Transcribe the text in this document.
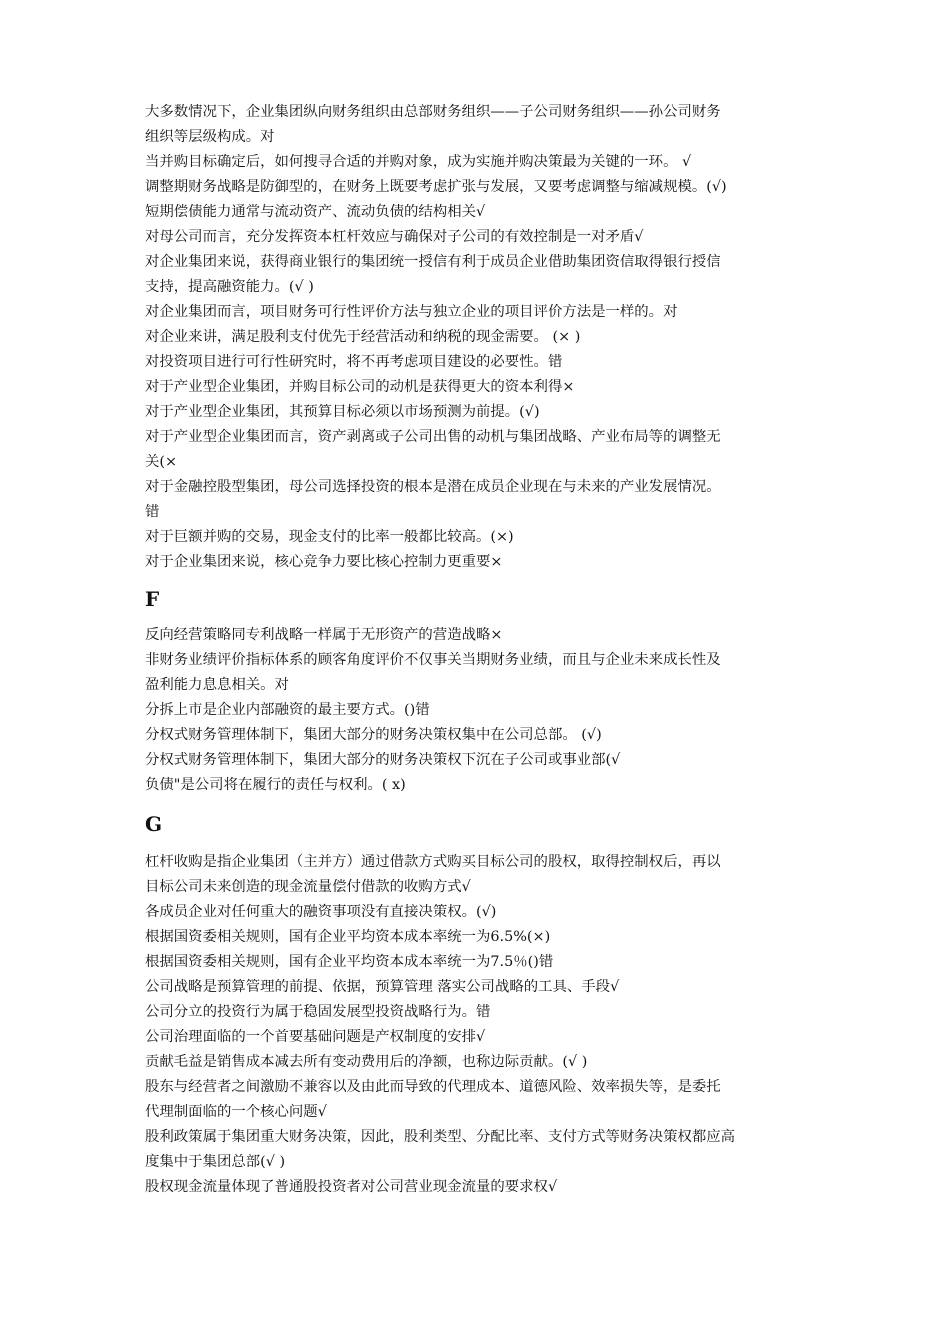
大多数情况下，企业集团纵向财务组织由总部财务组织——子公司财务组织——孙公司财务
组织等层级构成。对
当并购目标确定后，如何搜寻合适的并购对象，成为实施并购决策最为关键的一环。 √
调整期财务战略是防御型的，在财务上既要考虑扩张与发展，又要考虑调整与缩减规模。(√)
短期偿债能力通常与流动资产、流动负债的结构相关√
对母公司而言，充分发挥资本杠杆效应与确保对子公司的有效控制是一对矛盾√
对企业集团来说，获得商业银行的集团统一授信有利于成员企业借助集团资信取得银行授信
支持，提高融资能力。(√ )
对企业集团而言，项目财务可行性评价方法与独立企业的项目评价方法是一样的。对
对企业来讲，满足股利支付优先于经营活动和纳税的现金需要。 (× )
对投资项目进行可行性研究时，将不再考虑项目建设的必要性。错
对于产业型企业集团，并购目标公司的动机是获得更大的资本利得×
对于产业型企业集团，其预算目标必须以市场预测为前提。(√)
对于产业型企业集团而言，资产剥离或子公司出售的动机与集团战略、产业布局等的调整无
关(×
对于金融控股型集团，母公司选择投资的根本是潜在成员企业现在与未来的产业发展情况。
错
对于巨额并购的交易，现金支付的比率一般都比较高。(×)
对于企业集团来说，核心竞争力要比核心控制力更重要×
F
反向经营策略同专利战略一样属于无形资产的营造战略×
非财务业绩评价指标体系的顾客角度评价不仅事关当期财务业绩，而且与企业未来成长性及
盈利能力息息相关。对
分拆上市是企业内部融资的最主要方式。()错
分权式财务管理体制下，集团大部分的财务决策权集中在公司总部。 (√)
分权式财务管理体制下，集团大部分的财务决策权下沉在子公司或事业部(√
负债"是公司将在履行的责任与权利。( x)
G
杠杆收购是指企业集团（主并方）通过借款方式购买目标公司的股权，取得控制权后，再以
目标公司未来创造的现金流量偿付借款的收购方式√
各成员企业对任何重大的融资事项没有直接决策权。(√)
根据国资委相关规则，国有企业平均资本成本率统一为6.5%(×)
根据国资委相关规则，国有企业平均资本成本率统一为7.5％()错
公司战略是预算管理的前提、依据，预算管理 落实公司战略的工具、手段√
公司分立的投资行为属于稳固发展型投资战略行为。错
公司治理面临的一个首要基础问题是产权制度的安排√
贡献毛益是销售成本减去所有变动费用后的净额，也称边际贡献。(√ )
股东与经营者之间激励不兼容以及由此而导致的代理成本、道德风险、效率损失等，是委托
代理制面临的一个核心问题√
股利政策属于集团重大财务决策，因此，股利类型、分配比率、支付方式等财务决策权都应高
度集中于集团总部(√ )
股权现金流量体现了普通股投资者对公司营业现金流量的要求权√
